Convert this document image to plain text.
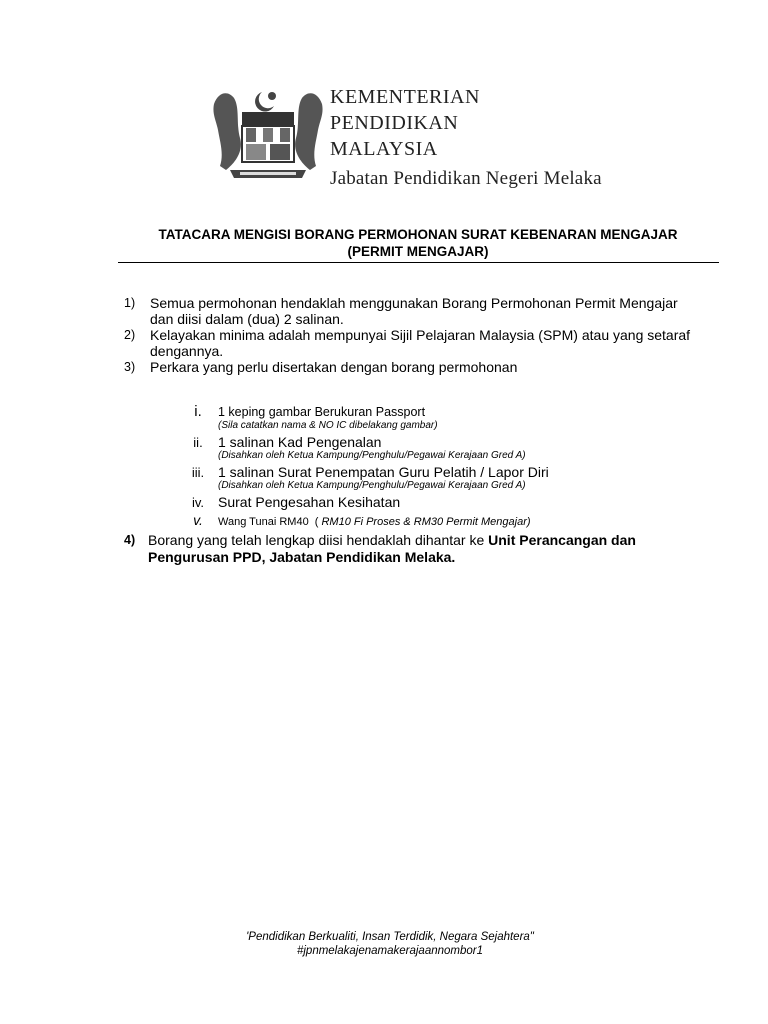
KEMENTERIAN
PENDIDIKAN
MALAYSIA
Jabatan Pendidikan Negeri Melaka
TATACARA MENGISI BORANG PERMOHONAN SURAT KEBENARAN MENGAJAR
(PERMIT MENGAJAR)
1)	Semua permohonan hendaklah menggunakan Borang Permohonan Permit Mengajar dan diisi dalam (dua) 2 salinan.
2)	Kelayakan minima adalah mempunyai Sijil Pelajaran Malaysia (SPM) atau yang setaraf dengannya.
3)	Perkara yang perlu disertakan dengan borang permohonan
i.	1 keping gambar Berukuran Passport
(Sila catatkan nama & NO IC dibelakang gambar)
ii.	1 salinan Kad Pengenalan
(Disahkan oleh Ketua Kampung/Penghulu/Pegawai Kerajaan Gred A)
iii. 1 salinan Surat Penempatan Guru Pelatih / Lapor Diri
(Disahkan oleh Ketua Kampung/Penghulu/Pegawai Kerajaan Gred A)
iv. Surat Pengesahan Kesihatan
v.	Wang Tunai RM40  ( RM10 Fi Proses & RM30 Permit Mengajar)
4) Borang yang telah lengkap diisi hendaklah dihantar ke Unit Perancangan dan Pengurusan PPD, Jabatan Pendidikan Melaka.
'Pendidikan Berkualiti, Insan Terdidik, Negara Sejahtera"
#jpnmelakajenamakerajaannombor1
